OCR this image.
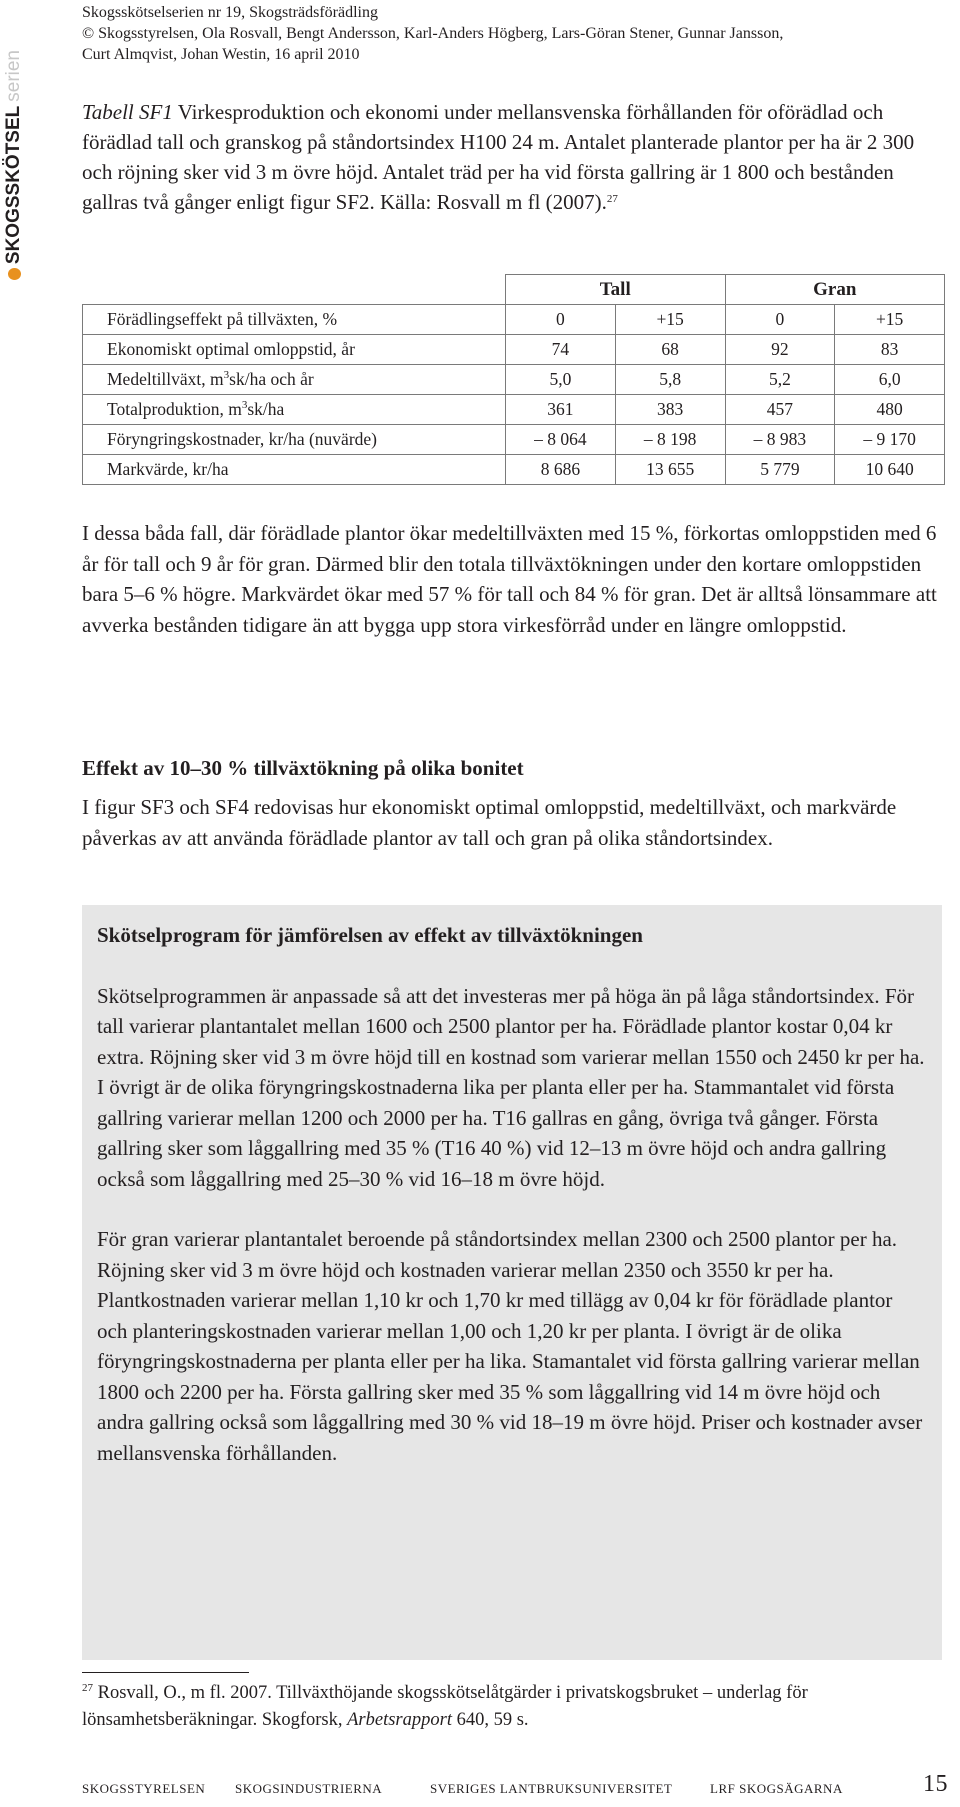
SKOGSSKÖTSEL
serien
Skogsskötselserien nr 19, Skogsträdsförädling
© Skogsstyrelsen, Ola Rosvall, Bengt Andersson, Karl-Anders Högberg, Lars-Göran Stener, Gunnar Jansson,
Curt Almqvist, Johan Westin, 16 april 2010
Tabell SF1 Virkesproduktion och ekonomi under mellansvenska förhållanden för oförädlad och förädlad tall och granskog på ståndortsindex H100 24 m. Antalet planterade plantor per ha är 2 300 och röjning sker vid 3 m övre höjd. Antalet träd per ha vid första gallring är 1 800 och bestånden gallras två gånger enligt figur SF2. Källa: Rosvall m fl (2007).$^{27}$
	Tall		Gran	
Förädlingseffekt på tillväxten, %	0	+15	0	+15
Ekonomiskt optimal omloppstid, år	74	68	92	83
Medeltillväxt, $m^3sk/ha$ och år	5,0	5,8	5,2	6,0
Totalproduktion, $m^3sk/ha$	361	383	457	480
Föryngringskostnader, kr/ha (nuvärde)	– 8 064	– 8 198	– 8 983	– 9 170
Markvärde, kr/ha	8 686	13 655	5 779	10 640
I dessa båda fall, där förädlade plantor ökar medeltillväxten med 15 %, förkortas omloppstiden med 6 år för tall och 9 år för gran. Därmed blir den totala tillväxtökningen under den kortare omloppstiden bara 5–6 % högre. Markvärdet ökar med 57 % för tall och 84 % för gran. Det är alltså lönsammare att avverka bestånden tidigare än att bygga upp stora virkesförråd under en längre omloppstid.
Effekt av 10–30 % tillväxtökning på olika bonitet
I figur SF3 och SF4 redovisas hur ekonomiskt optimal omloppstid, medeltillväxt, och markvärde påverkas av att använda förädlade plantor av tall och gran på olika ståndortsindex.
Skötselprogram för jämförelsen av effekt av tillväxtökningen

Skötselprogrammen är anpassade så att det investeras mer på höga än på låga ståndortsindex. För tall varierar plantantalet mellan 1600 och 2500 plantor per ha. Förädlade plantor kostar 0,04 kr extra. Röjning sker vid 3 m övre höjd till en kostnad som varierar mellan 1550 och 2450 kr per ha. I övrigt är de olika föryngringskostnaderna lika per planta eller per ha. Stammantalet vid första gallring varierar mellan 1200 och 2000 per ha. T16 gallras en gång, övriga två gånger. Första gallring sker som låggallring med 35 % (T16 40 %) vid 12–13 m övre höjd och andra gallring också som låggallring med 25–30 % vid 16–18 m övre höjd.

För gran varierar plantantalet beroende på ståndortsindex mellan 2300 och 2500 plantor per ha. Röjning sker vid 3 m övre höjd och kostnaden varierar mellan 2350 och 3550 kr per ha. Plantkostnaden varierar mellan 1,10 kr och 1,70 kr med tillägg av 0,04 kr för förädlade plantor och planteringskostnaden varierar mellan 1,00 och 1,20 kr per planta. I övrigt är de olika föryngringskostnaderna per planta eller per ha lika. Stamantalet vid första gallring varierar mellan 1800 och 2200 per ha. Första gallring sker med 35 % som låggallring vid 14 m övre höjd och andra gallring också som låggallring med 30 % vid 18–19 m övre höjd. Priser och kostnader avser mellansvenska förhållanden.

$^{27}$ Rosvall, O., m fl. 2007. Tillväxthöjande skogsskötselåtgärder i privatskogsbruket – underlag för lönsamhetsberäkningar. Skogforsk, Arbetsrapport 640, 59 s.
SKOGSSTYRELSEN SKOGSINDUSTRIERNA	SVERIGES LANTBRUKSUNIVERSITET	LRF SKOGSÄGARNA	15
